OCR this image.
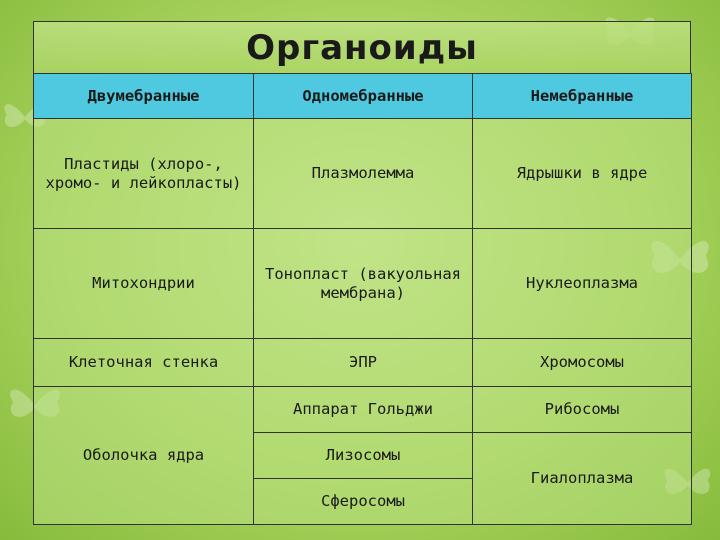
Органоиды
Двумебранные	Одномебранные	Немебранные
Пластиды (хлоро-, хромо- и лейкопласты)	Плазмолемма	Ядрышки в ядре
Митохондрии	Тонопласт (вакуольная мембрана)	Нуклеоплазма
Клеточная стенка	ЭПР	Хромосомы
Оболочка ядра	Аппарат Гольджи	Рибосомы
	Лизосомы	Гиалоплазма
	Сферосомы	
